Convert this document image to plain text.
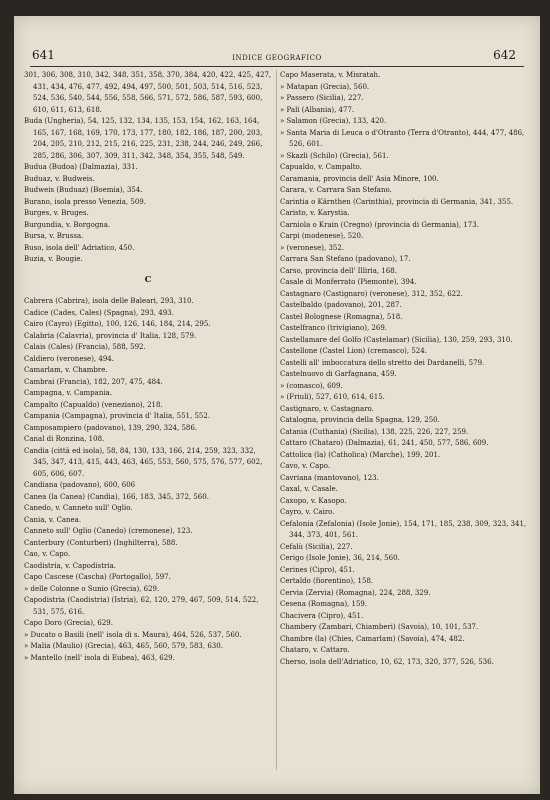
641	INDICE GEOGRAFICO	642

301, 306, 308, 310, 342, 348, 351, 358, 370, 384, 420, 422, 425, 427, 431, 434, 476, 477, 492, 494, 497, 500, 501, 503, 514, 516, 523, 524, 536, 540, 544, 556, 558, 566, 571, 572, 586, 587, 593, 600, 610, 611, 613, 618.

Buda (Ungheria), 54, 125, 132, 134, 135, 153, 154, 162, 163, 164, 165, 167, 168, 169, 170, 173, 177, 180, 182, 186, 187, 200, 203, 204, 205, 210, 212, 215, 216, 225, 231, 238, 244, 246, 249, 266, 285, 286, 306, 307, 309, 311, 342, 348, 354, 355, 548, 549.

Budua (Budoa) (Dalmazia), 331.

Buduaz, v. Budweis.

Budweis (Buduaz) (Boemia), 354.

Burano, isola presso Venezia, 509.

Burges, v. Bruges.

Burgundia, v. Borgogna.

Bursa, v. Brussa.

Buso, isola dell' Adriatico, 450.

Buzia, v. Bougie.

C

Cabrera (Cabrira), isola delle Baleari, 293, 310.

Cadice (Cades, Cales) (Spagna), 293, 493.

Cairo (Cayro) (Egitto), 100, 126, 146, 184, 214, 295.

Calabria (Calavria), provincia d' Italia, 128, 579.

Calais (Cales) (Francia), 588, 592.

Caldiero (veronese), 494.

Camarlam, v. Chambre.

Cambrai (Francia), 182, 207, 475, 484.

Campagna, v. Campania.

Campalto (Capualdo) (veneziano), 218.

Campania (Campagna), provincia d' Italia, 551, 552.

Camposampiero (padovano), 139, 290, 324, 586.

Canal di Ronzina, 108.

Candia (città ed isola), 58, 84, 130, 133, 166, 214, 259, 323, 332, 345, 347, 413, 415, 443, 463, 465, 553, 560, 575, 576, 577, 602, 605, 606, 607.

Candiana (padovano), 600, 606

Canea (la Canea) (Candia), 166, 183, 345, 372, 560.

Canedo, v. Canneto sull' Oglio.

Cania, v. Canea.

Canneto sull' Oglio (Canedo) (cremonese), 123.

Canterbury (Conturberi) (Inghilterra), 588.

Cao, v. Capo.

Caodistria, v. Capodistria.

Capo Cascese (Cascha) (Portogallo), 597.

» delle Colonne o Sunio (Grecia), 629.

Capodistria (Caodistria) (Istria), 62, 120, 279, 467, 509, 514, 522, 531, 575, 616.

Capo Doro (Grecia), 629.

» Ducato o Basili (nell' isola di s. Maura), 464, 526, 537, 560.

» Malia (Maulio) (Grecia), 463, 465, 560, 579, 583, 630.

» Mantello (nell' isola di Eubea), 463, 629.

Capo Maserata, v. Misratah.

» Matapan (Grecia), 560.

» Passero (Sicilia), 227.

» Pali (Albania), 477.

» Salamon (Grecia), 133, 420.

» Santa Maria di Leuca o d'Otranto (Terra d'Otranto), 444, 477, 486, 526, 601.

» Skazli (Schilo) (Grecia), 561.

Capualdo, v. Campalto.

Caramania, provincia dell' Asia Minore, 100.

Carara, v. Carrara San Stefano.

Carintia o Kärnthen (Carinthia), provincia di Germania, 341, 355.

Caristo, v. Karystia.

Carniola o Krain (Cregno) (provincia di Germania), 173.

Carpi (modenese), 520.

» (veronese), 352.

Carrara San Stefano (padovano), 17.

Carso, provincia dell' Illiria, 168.

Casale di Monferrato (Piemonte), 394.

Castagnaro (Castignaro) (veronese), 312, 352, 622.

Castelbaldo (padovano), 201, 287.

Castel Bolognese (Romagna), 518.

Castelfranco (trivigiano), 269.

Castellamare del Golfo (Castelamar) (Sicilia), 130, 259, 293, 310.

Castellone (Castel Lion) (cremasco), 524.

Castelli all' imboccatura dello stretto dei Dardanelli, 579.

Castelnuovo di Garfagnana, 459.

» (comasco), 609.

» (Friuli), 527, 610, 614, 615.

Castignaro, v. Castagnaro.

Catalogna, provincia della Spagna, 129, 250.

Catania (Cuthania) (Sicilia), 138, 225, 226, 227, 259.

Cattaro (Chataro) (Dalmazia), 61, 241, 450, 577, 586, 609.

Cattolica (la) (Catholica) (Marche), 199, 201.

Cavo, v. Capo.

Cavriana (mantovano), 123.

Caxal, v. Casale.

Caxopo, v. Kasopo.

Cayro, v. Cairo.

Cefalonia (Zefalonia) (Isole Jonie), 154, 171, 185, 238, 309, 323, 341, 344, 373, 401, 561.

Cefalù (Sicilia), 227.

Cerigo (Isole Jonie), 36, 214, 560.

Cerines (Cipro), 451.

Certaldo (fiorentino), 158.

Cervia (Zervia) (Romagna), 224, 288, 329.

Cesena (Romagna), 159.

Chacivera (Cipro), 451.

Chambery (Zambari, Chiamberi) (Savoia), 10, 101, 537.

Chambre (la) (Chies, Camarlam) (Savoia), 474, 482.

Chataro, v. Cattaro.

Cherso, isola dell'Adriatico, 10, 62, 173, 320, 377, 526, 536.
